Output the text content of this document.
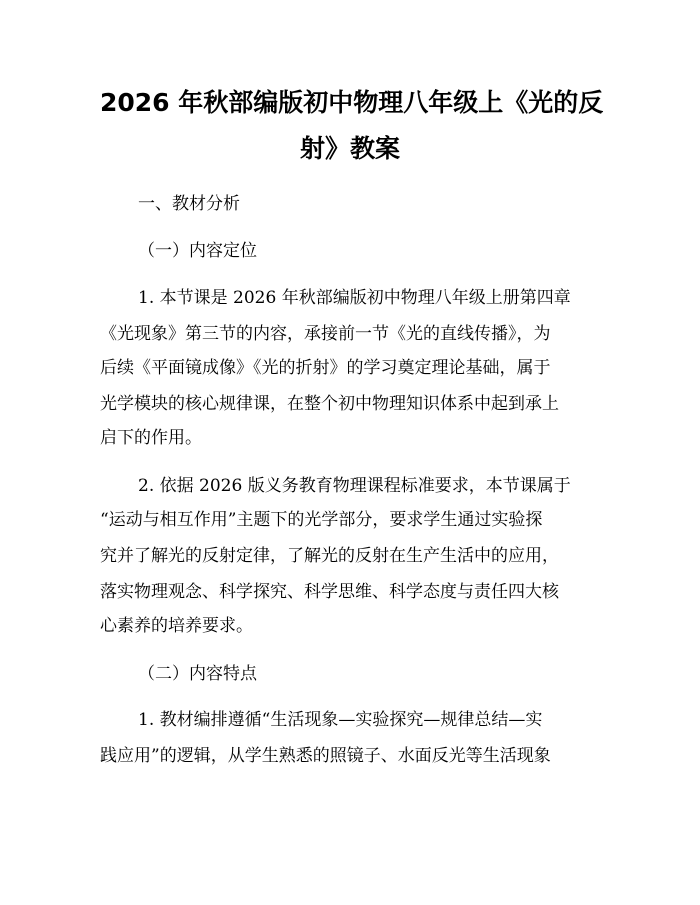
2026 年秋部编版初中物理八年级上《光的反
射》教案
一、教材分析
（一）内容定位
1. 本节课是 2026 年秋部编版初中物理八年级上册第四章
《光现象》第三节的内容，承接前一节《光的直线传播》，为
后续《平面镜成像》《光的折射》的学习奠定理论基础，属于
光学模块的核心规律课，在整个初中物理知识体系中起到承上
启下的作用。
2. 依据 2026 版义务教育物理课程标准要求，本节课属于
“运动与相互作用”主题下的光学部分，要求学生通过实验探
究并了解光的反射定律，了解光的反射在生产生活中的应用，
落实物理观念、科学探究、科学思维、科学态度与责任四大核
心素养的培养要求。
（二）内容特点
1. 教材编排遵循“生活现象—实验探究—规律总结—实
践应用”的逻辑，从学生熟悉的照镜子、水面反光等生活现象
